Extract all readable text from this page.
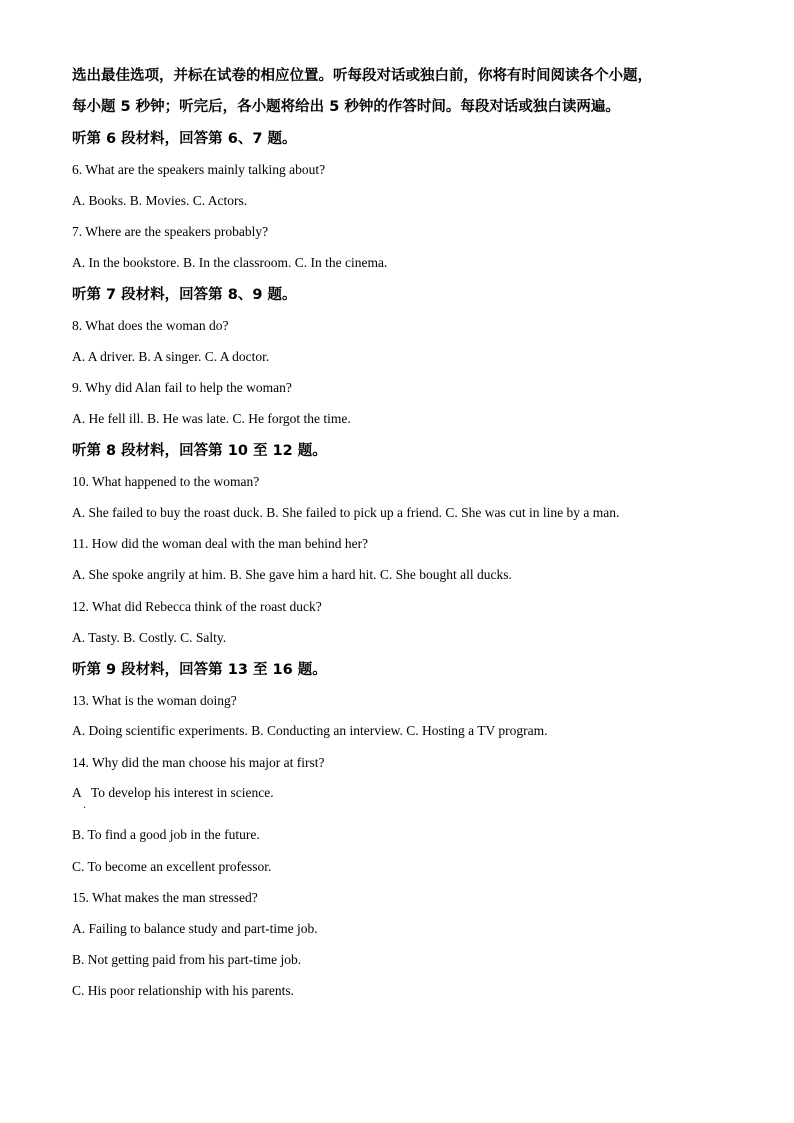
选出最佳选项，并标在试卷的相应位置。听每段对话或独白前，你将有时间阅读各个小题，
每小题 5 秒钟；听完后，各小题将给出 5 秒钟的作答时间。每段对话或独白读两遍。
听第 6 段材料，回答第 6、7 题。
6. What are the speakers mainly talking about?
A. Books. B. Movies. C. Actors.
7. Where are the speakers probably?
A. In the bookstore. B. In the classroom. C. In the cinema.
听第 7 段材料，回答第 8、9 题。
8. What does the woman do?
A. A driver. B. A singer. C. A doctor.
9. Why did Alan fail to help the woman?
A. He fell ill. B. He was late. C. He forgot the time.
听第 8 段材料，回答第 10 至 12 题。
10. What happened to the woman?
A. She failed to buy the roast duck. B. She failed to pick up a friend. C. She was cut in line by a man.
11. How did the woman deal with the man behind her?
A. She spoke angrily at him. B. She gave him a hard hit. C. She bought all ducks.
12. What did Rebecca think of the roast duck?
A. Tasty. B. Costly. C. Salty.
听第 9 段材料，回答第 13 至 16 题。
13. What is the woman doing?
A. Doing scientific experiments. B. Conducting an interview. C. Hosting a TV program.
14. Why did the man choose his major at first?
A   To develop his interest in science.
·
B. To find a good job in the future.
C. To become an excellent professor.
15. What makes the man stressed?
A. Failing to balance study and part-time job.
B. Not getting paid from his part-time job.
C. His poor relationship with his parents.
